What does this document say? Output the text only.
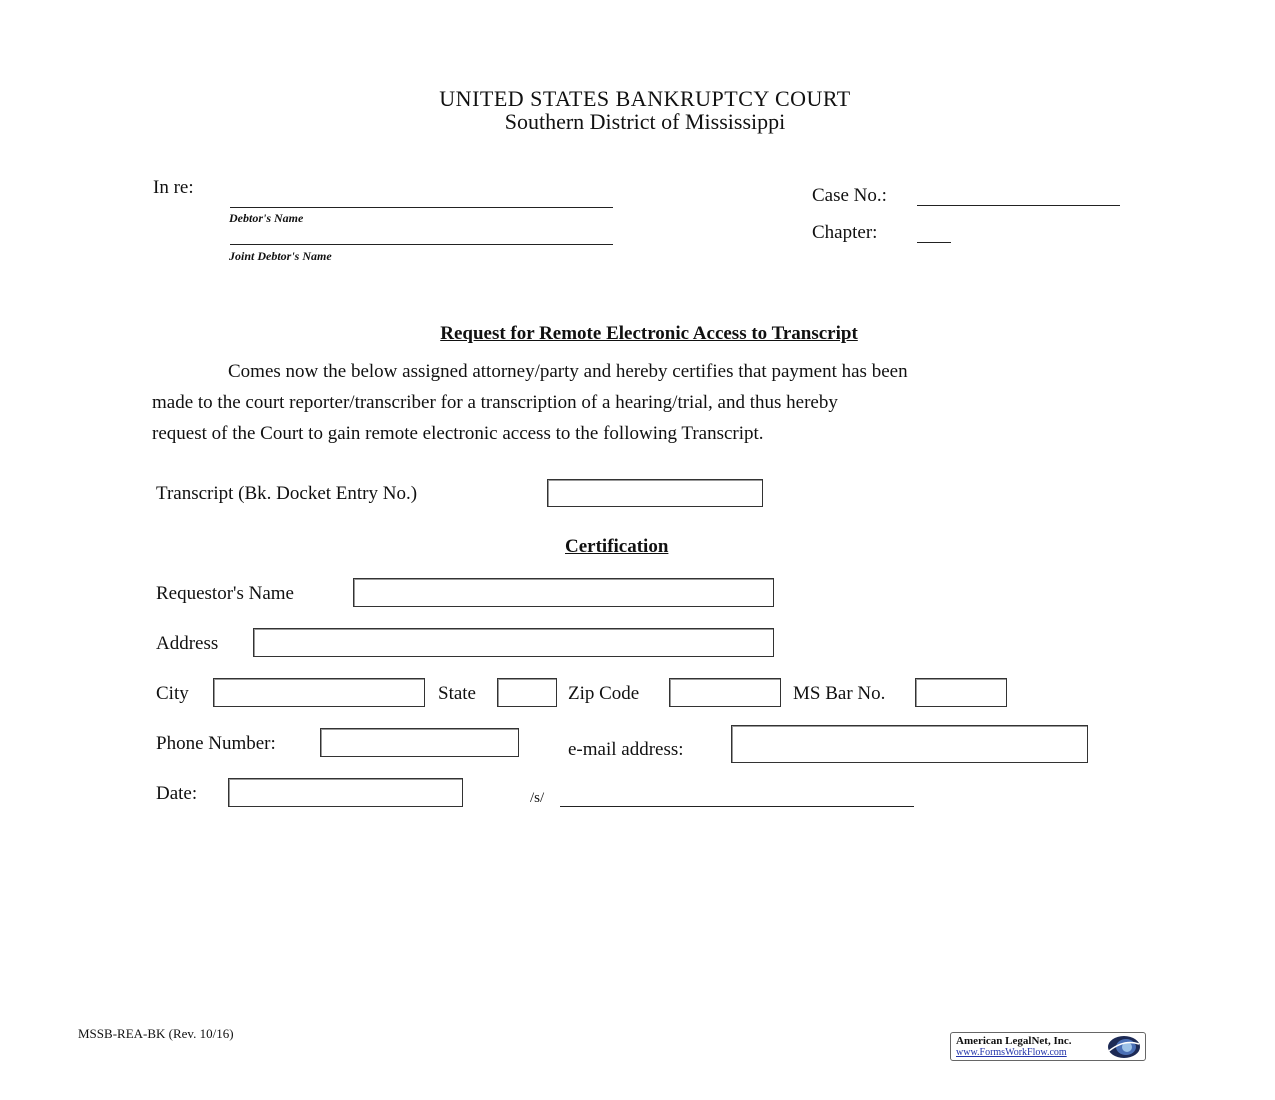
UNITED STATES BANKRUPTCY COURT
Southern District of Mississippi
In re:
Debtor's Name
Joint Debtor's Name
Case No.:
Chapter:
Request for Remote Electronic Access to Transcript
Comes now the below assigned attorney/party and hereby certifies that payment has been
made to the court reporter/transcriber for a transcription of a hearing/trial, and thus hereby
request of the Court to gain remote electronic access to the following Transcript.
Transcript (Bk. Docket Entry No.)
Certification
Requestor's Name
Address
City	State	Zip Code	MS Bar No.
Phone Number:	e-mail address:
Date:	/s/
MSSB-REA-BK (Rev. 10/16)	American LegalNet, Inc.
www.FormsWorkFlow.com
